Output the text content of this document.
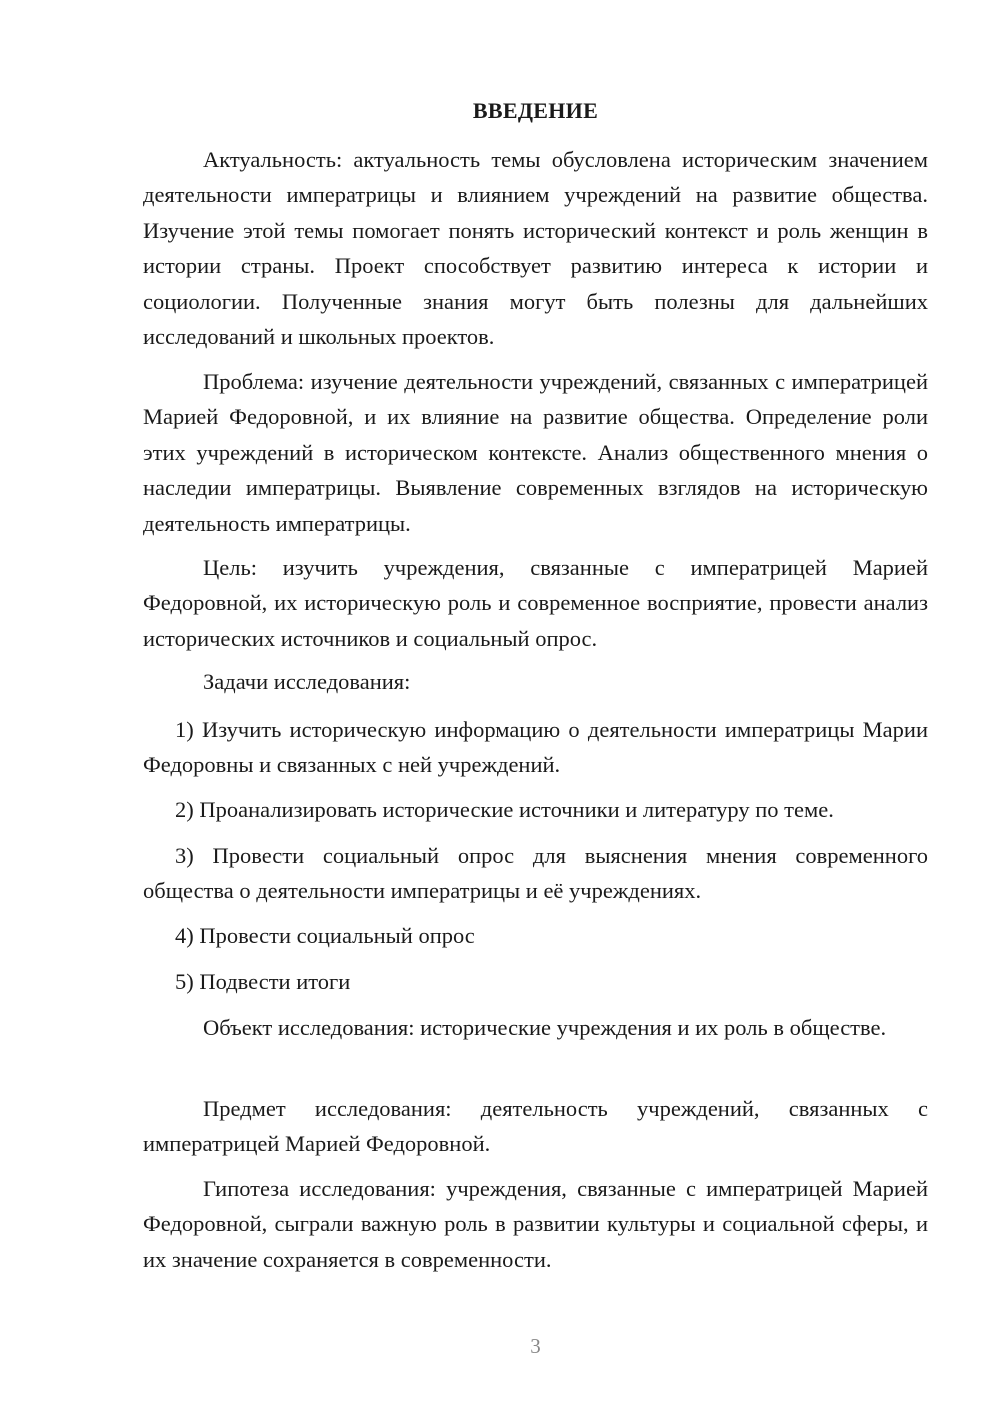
ВВЕДЕНИЕ

Актуальность: актуальность темы обусловлена историческим значением деятельности императрицы и влиянием учреждений на развитие общества. Изучение этой темы помогает понять исторический контекст и роль женщин в истории страны. Проект способствует развитию интереса к истории и социологии. Полученные знания могут быть полезны для дальнейших исследований и школьных проектов.

Проблема: изучение деятельности учреждений, связанных с императрицей Марией Федоровной, и их влияние на развитие общества. Определение роли этих учреждений в историческом контексте. Анализ общественного мнения о наследии императрицы. Выявление современных взглядов на историческую деятельность императрицы.

Цель: изучить учреждения, связанные с императрицей Марией Федоровной, их историческую роль и современное восприятие, провести анализ исторических источников и социальный опрос.

Задачи исследования:

1) Изучить историческую информацию о деятельности императрицы Марии Федоровны и связанных с ней учреждений.

2) Проанализировать исторические источники и литературу по теме.

3) Провести социальный опрос для выяснения мнения современного общества о деятельности императрицы и её учреждениях.

4) Провести социальный опрос

5) Подвести итоги

Объект исследования: исторические учреждения и их роль в обществе.

Предмет исследования: деятельность учреждений, связанных с императрицей Марией Федоровной.

Гипотеза исследования: учреждения, связанные с императрицей Марией Федоровной, сыграли важную роль в развитии культуры и социальной сферы, и их значение сохраняется в современности.

3
